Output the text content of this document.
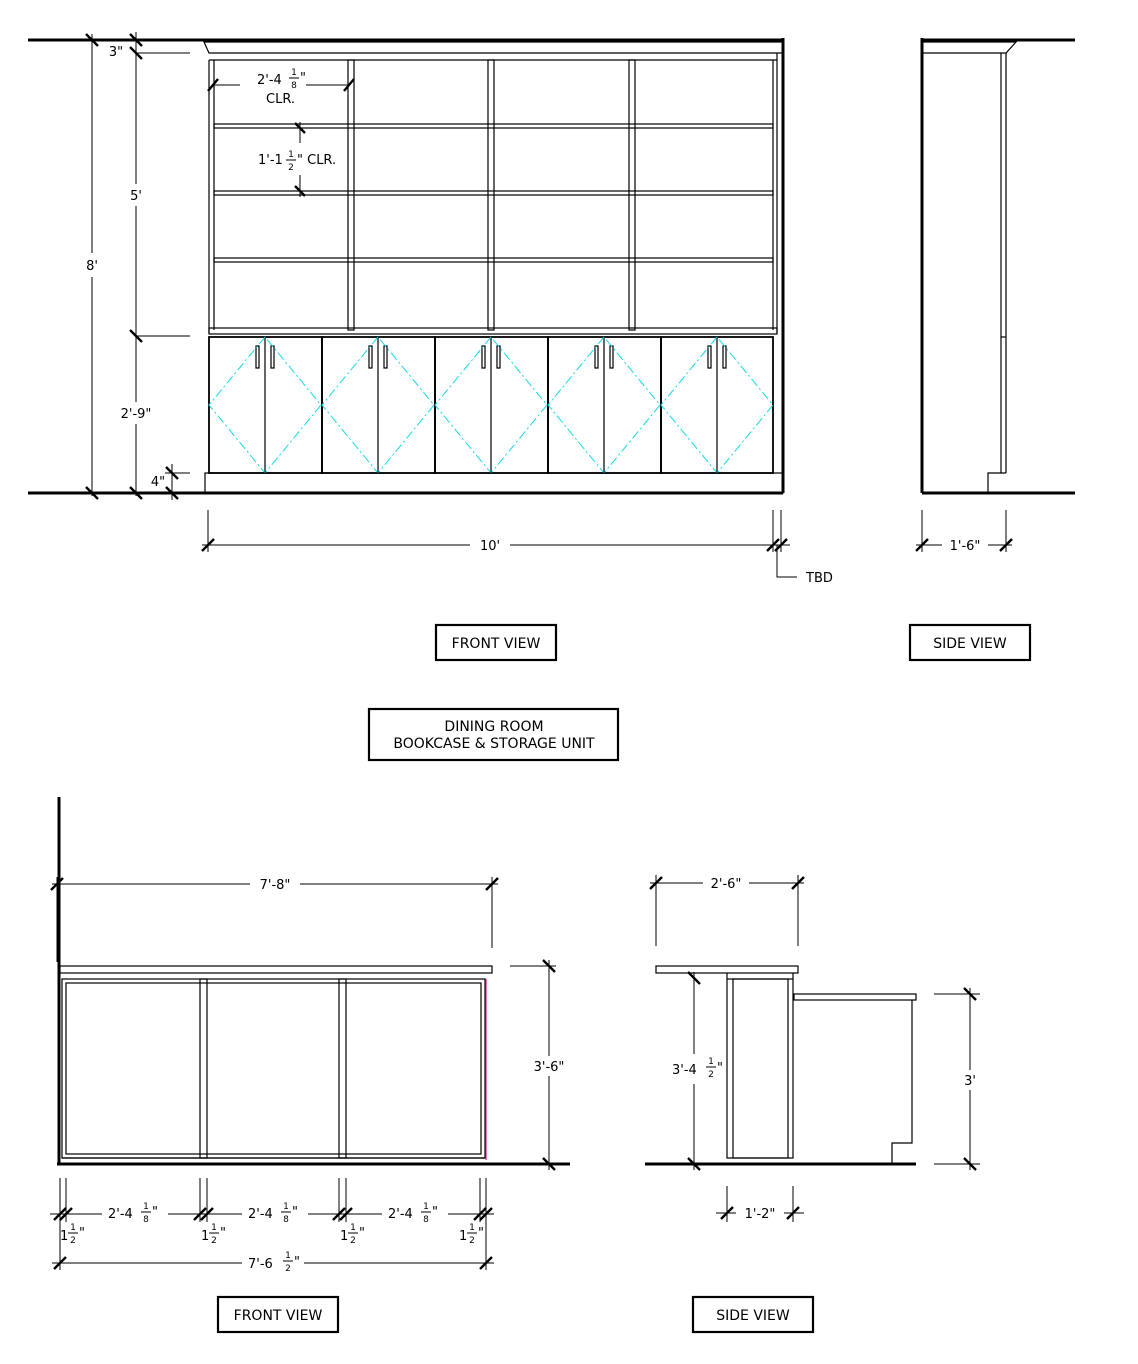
8'
5'
2'-9"
3"
4"
2'-4 1
8 "
CLR.
1'-1 1
2 " CLR.
10'
TBD
1'-6"
FRONT VIEW	SIDE VIEW
DINING ROOM
BOOKCASE & STORAGE UNIT
7'-8"
3'-6"
2'-4 1
8 "	2'-4 1
8 "	2'-4 1
8 "
1
1
2 "	1
1
2 "	1
1
2 "	1
1
2 "
7'-6
1
2 "
2'-6"
3'-4
1
2 "
3'
1'-2"
FRONT VIEW	SIDE VIEW
